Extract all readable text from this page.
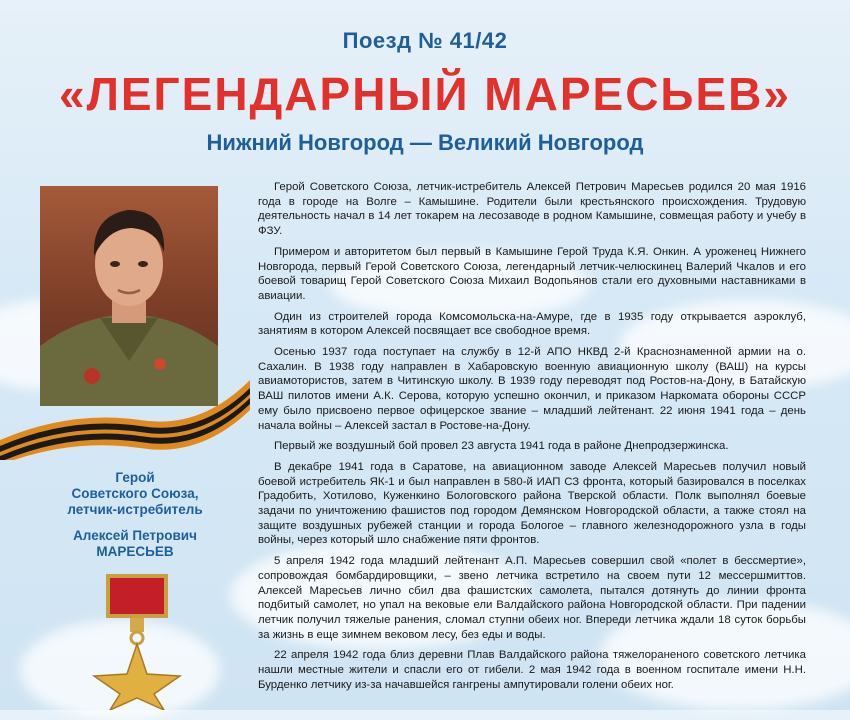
Поезд № 41/42
«ЛЕГЕНДАРНЫЙ МАРЕСЬЕВ»
Нижний Новгород — Великий Новгород
Герой
Советского Союза,
летчик-истребитель
Алексей Петрович
МАРЕСЬЕВ

Герой Советского Союза, летчик-истребитель Алексей Петрович Маресьев родился 20 мая 1916 года в городе на Волге – Камышине. Родители были крестьянского происхождения. Трудовую деятельность начал в 14 лет токарем на лесозаводе в родном Камышине, совмещая работу и учебу в ФЗУ.

Примером и авторитетом был первый в Камышине Герой Труда К.Я. Онкин. А уроженец Нижнего Новгорода, первый Герой Советского Союза, легендарный летчик-челюскинец Валерий Чкалов и его боевой товарищ Герой Советского Союза Михаил Водопьянов стали его духовными наставниками в авиации.

Один из строителей города Комсомольска-на-Амуре, где в 1935 году открывается аэроклуб, занятиям в котором Алексей посвящает все свободное время.

Осенью 1937 года поступает на службу в 12-й АПО НКВД 2-й Краснознаменной армии на о. Сахалин. В 1938 году направлен в Хабаровскую военную авиационную школу (ВАШ) на курсы авиамотористов, затем в Читинскую школу. В 1939 году переводят под Ростов-на-Дону, в Батайскую ВАШ пилотов имени А.К. Серова, которую успешно окончил, и приказом Наркомата обороны СССР ему было присвоено первое офицерское звание – младший лейтенант. 22 июня 1941 года – день начала войны – Алексей застал в Ростове-на-Дону.

Первый же воздушный бой провел 23 августа 1941 года в районе Днепродзержинска.

В декабре 1941 года в Саратове, на авиационном заводе Алексей Маресьев получил новый боевой истребитель ЯК-1 и был направлен в 580-й ИАП СЗ фронта, который базировался в поселках Градобить, Хотилово, Куженкино Бологовского района Тверской области. Полк выполнял боевые задачи по уничтожению фашистов под городом Демянском Новгородской области, а также стоял на защите воздушных рубежей станции и города Бологое – главного железнодорожного узла в годы войны, через который шло снабжение пяти фронтов.

5 апреля 1942 года младший лейтенант А.П. Маресьев совершил свой «полет в бессмертие», сопровождая бомбардировщики, – звено летчика встретило на своем пути 12 мессершмиттов. Алексей Маресьев лично сбил два фашистских самолета, пытался дотянуть до линии фронта подбитый самолет, но упал на вековые ели Валдайского района Новгородской области. При падении летчик получил тяжелые ранения, сломал ступни обеих ног. Впереди летчика ждали 18 суток борьбы за жизнь в еще зимнем вековом лесу, без еды и воды.

22 апреля 1942 года близ деревни Плав Валдайского района тяжелораненого советского летчика нашли местные жители и спасли его от гибели. 2 мая 1942 года в военном госпитале имени Н.Н. Бурденко летчику из-за начавшейся гангрены ампутировали голени обеих ног.
